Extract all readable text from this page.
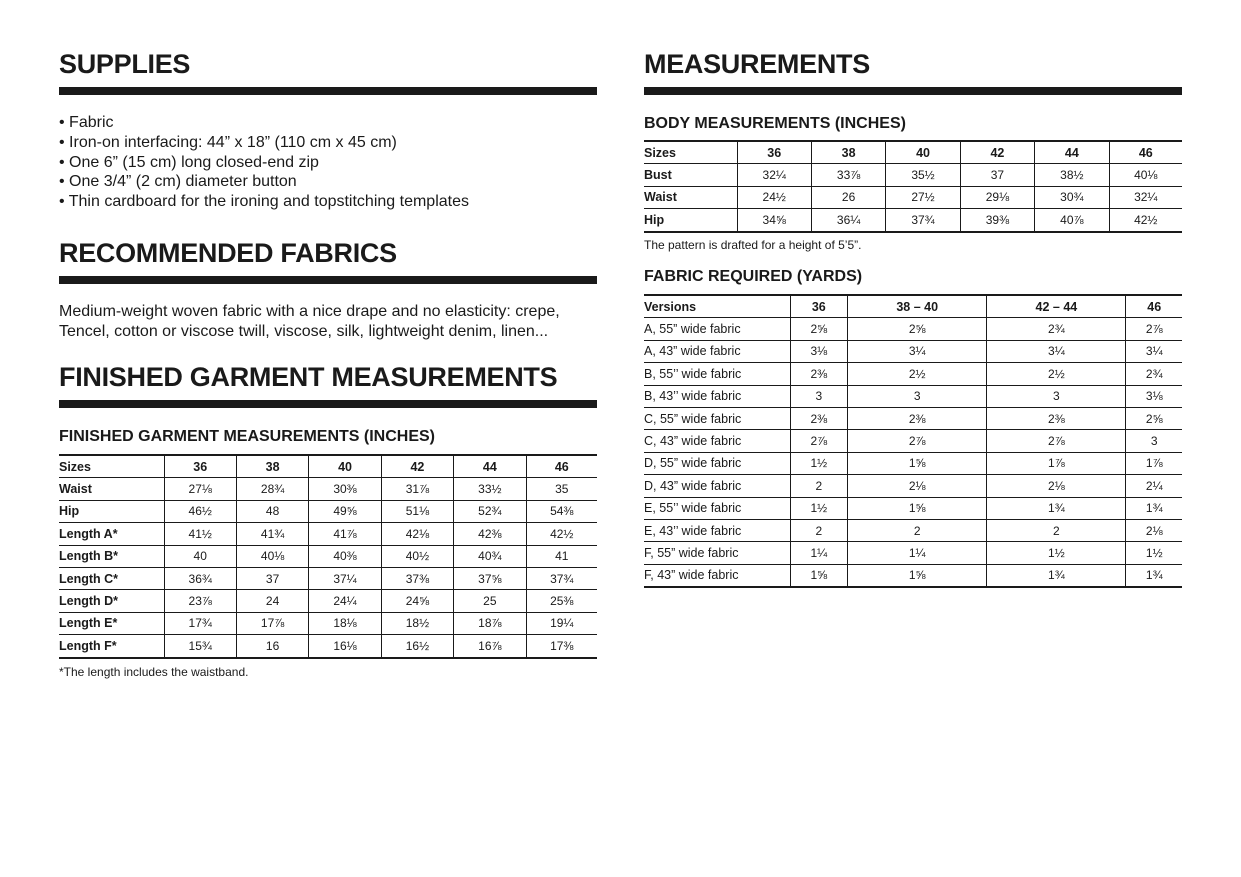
SUPPLIES
• Fabric
• Iron-on interfacing: 44” x 18” (110 cm x 45 cm)
• One 6” (15 cm) long closed-end zip
• One 3/4” (2 cm) diameter button
• Thin cardboard for the ironing and topstitching templates
RECOMMENDED FABRICS

Medium-weight woven fabric with a nice drape and no elasticity: crepe, Tencel, cotton or viscose twill, viscose, silk, lightweight denim, linen...

FINISHED GARMENT MEASUREMENTS
FINISHED GARMENT MEASUREMENTS (INCHES)
Sizes	36	38	40	42	44	46
Waist	27⅛	28¾	30⅜	31⅞	33½	35
Hip	46½	48	49⅝	51⅛	52¾	54⅜
Length A*	41½	41¾	41⅞	42⅛	42⅜	42½
Length B*	40	40⅛	40⅜	40½	40¾	41
Length C*	36¾	37	37¼	37⅜	37⅝	37¾
Length D*	23⅞	24	24¼	24⅝	25	25⅜
Length E*	17¾	17⅞	18⅛	18½	18⅞	19¼
Length F*	15¾	16	16⅛	16½	16⅞	17⅜

*The length includes the waistband.

MEASUREMENTS
BODY MEASUREMENTS (INCHES)
Sizes	36	38	40	42	44	46
Bust	32¼	33⅞	35½	37	38½	40⅛
Waist	24½	26	27½	29⅛	30¾	32¼
Hip	34⅝	36¼	37¾	39⅜	40⅞	42½

The pattern is drafted for a height of 5’5”.

FABRIC REQUIRED (YARDS)
Versions	36	38 – 40	42 – 44	46
A, 55” wide fabric	2⅝	2⅝	2¾	2⅞
A, 43” wide fabric	3⅛	3¼	3¼	3¼
B, 55’’ wide fabric	2⅜	2½	2½	2¾
B, 43’’ wide fabric	3	3	3	3⅛
C, 55” wide fabric	2⅜	2⅜	2⅜	2⅝
C, 43” wide fabric	2⅞	2⅞	2⅞	3
D, 55” wide fabric	1½	1⅝	1⅞	1⅞
D, 43” wide fabric	2	2⅛	2⅛	2¼
E, 55’’ wide fabric	1½	1⅝	1¾	1¾
E, 43’’ wide fabric	2	2	2	2⅛
F, 55” wide fabric	1¼	1¼	1½	1½
F, 43” wide fabric	1⅝	1⅝	1¾	1¾
